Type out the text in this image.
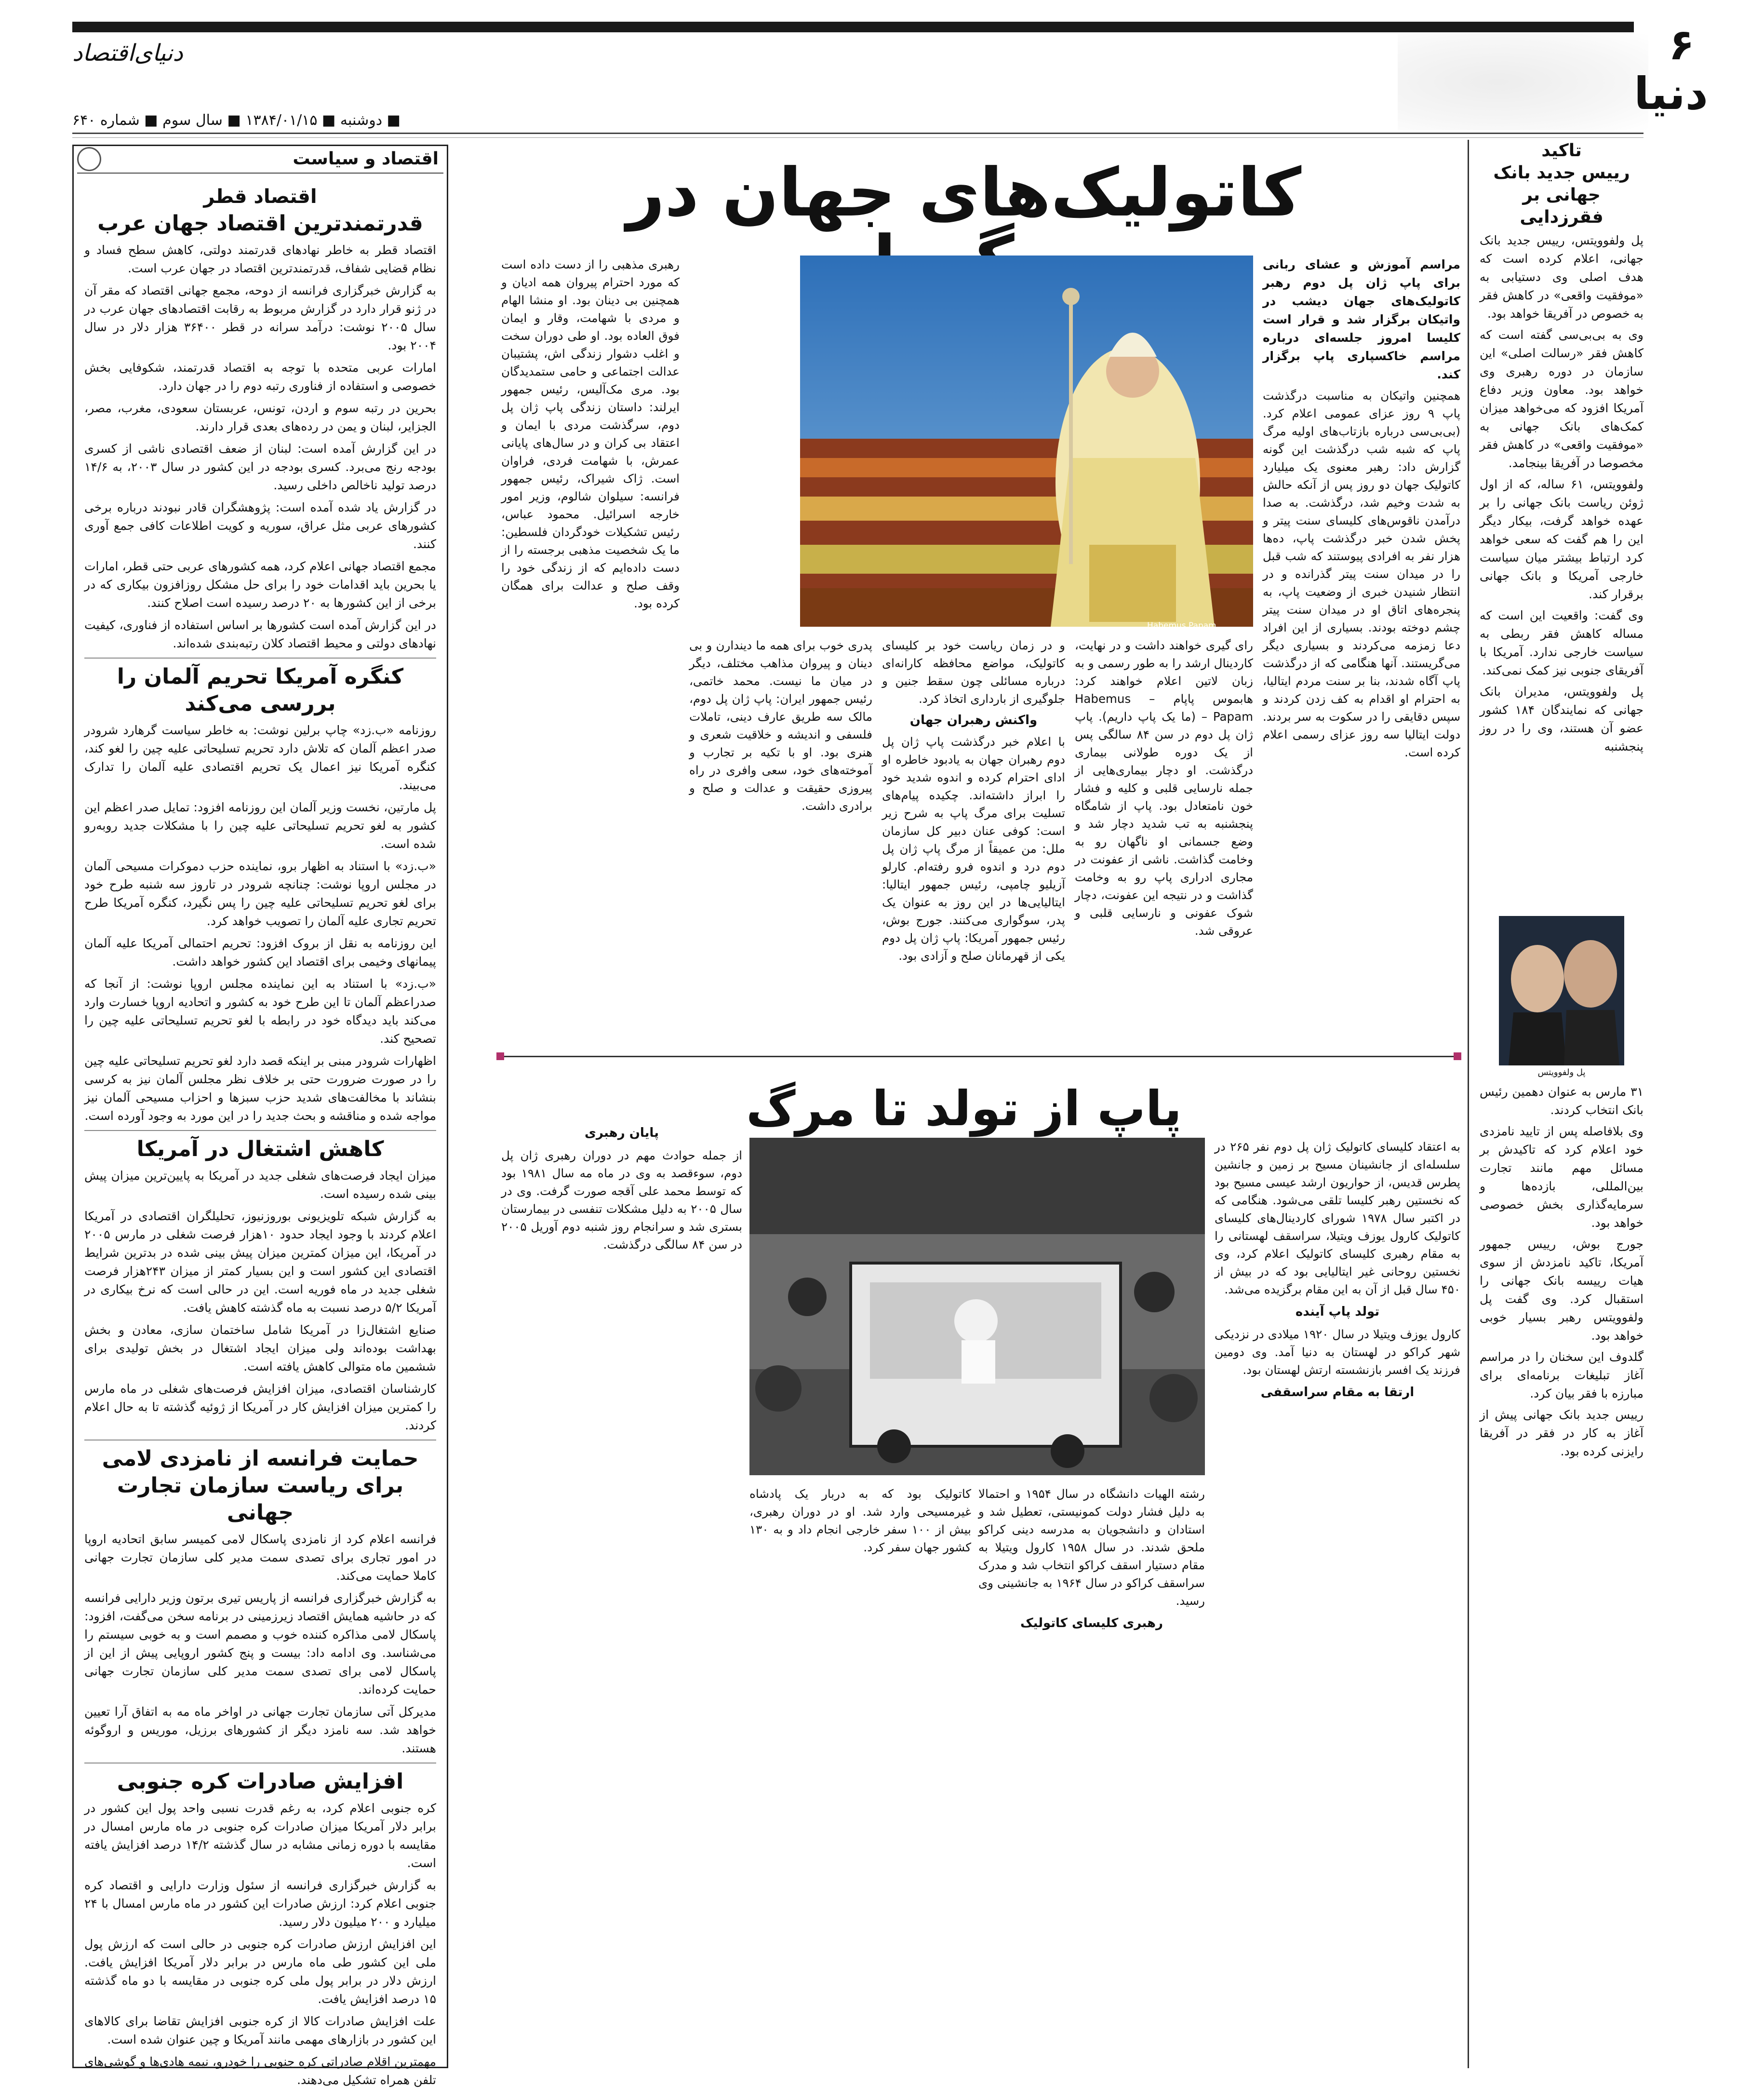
۶
دنیا
دنیای‌اقتصاد
■ دوشنبه ■ ۱۳۸۴/۰۱/۱۵ ■ سال سوم ■ شماره ۶۴۰
اقتصاد و سیاست
اقتصاد قطر
قدرتمند‌ترین اقتصاد جهان عرب

اقتصاد قطر به خاطر نهادهای قدرتمند دولتی، کاهش سطح فساد و نظام قضایی شفاف، قدرتمندترین اقتصاد در جهان عرب است.

به گزارش خبرگزاری فرانسه از دوحه، مجمع جهانی اقتصاد که مقر آن در ژنو قرار دارد در گزارش مربوط به رقابت اقتصادهای جهان عرب در سال ۲۰۰۵ نوشت: درآمد سرانه در قطر ۳۶۴۰۰ هزار دلار در سال ۲۰۰۴ بود.

امارات عربی متحده با توجه به اقتصاد قدرتمند، شکوفایی بخش خصوصی و استفاده از فناوری رتبه دوم را در جهان دارد.

بحرین در رتبه سوم و اردن، تونس، عربستان سعودی، مغرب، مصر، الجزایر، لبنان و یمن در رده‌های بعدی قرار دارند.

در این گزارش آمده است: لبنان از ضعف اقتصادی ناشی از کسری بودجه رنج می‌برد. کسری بودجه در این کشور در سال ۲۰۰۳، به ۱۴/۶ درصد تولید ناخالص داخلی رسید.

در گزارش یاد شده آمده است: پژوهشگران قادر نبودند درباره برخی کشورهای عربی مثل عراق، سوریه و کویت اطلاعات کافی جمع آوری کنند.

مجمع اقتصاد جهانی اعلام کرد، همه کشورهای عربی حتی قطر، امارات یا بحرین باید اقدامات خود را برای حل مشکل روزافزون بیکاری که در برخی از این کشورها به ۲۰ درصد رسیده است اصلاح کنند.

در این گزارش آمده است کشورها بر اساس استفاده از فناوری، کیفیت نهادهای دولتی و محیط اقتصاد کلان رتبه‌بندی شده‌اند.

کنگره آمریکا تحریم آلمان را بررسی می‌کند

روزنامه «ب.زد» چاپ برلین نوشت: به خاطر سیاست گرهارد شرودر صدر اعظم آلمان که تلاش دارد تحریم تسلیحاتی علیه چین را لغو کند، کنگره آمریکا نیز اعمال یک تحریم اقتصادی علیه آلمان را تدارک می‌بیند.

پل مارتین، نخست وزیر آلمان این روزنامه افزود: تمایل صدر اعظم این کشور به لغو تحریم تسلیحاتی علیه چین را با مشکلات جدید روبه‌رو شده است.

«ب.زد» با استناد به اظهار برو، نماینده حزب دموکرات مسیحی آلمان در مجلس اروپا نوشت: چنانچه شرودر در تاروز سه شنبه طرح خود برای لغو تحریم تسلیحاتی علیه چین را پس نگیرد، کنگره آمریکا طرح تحریم تجاری علیه آلمان را تصویب خواهد کرد.

این روزنامه به نقل از بروک افزود: تحریم احتمالی آمریکا علیه آلمان پیمانهای وخیمی برای اقتصاد این کشور خواهد داشت.

«ب.زد» با استناد به این نماینده مجلس اروپا نوشت: از آنجا که صدراعظم آلمان تا این طرح خود به کشور و اتحادیه اروپا خسارت وارد می‌کند باید دیدگاه خود در رابطه با لغو تحریم تسلیحاتی علیه چین را تصحیح کند.

اظهارات شرودر مبنی بر اینکه قصد دارد لغو تحریم تسلیحاتی علیه چین را در صورت ضرورت حتی بر خلاف نظر مجلس آلمان نیز به کرسی بنشاند با مخالفت‌های شدید حزب سبزها و احزاب مسیحی آلمان نیز مواجه شده و مناقشه و بحث جدید را در این مورد به وجود آورده است.

کاهش اشتغال در آمریکا

میزان ایجاد فرصت‌های شغلی جدید در آمریکا به پایین‌ترین میزان پیش بینی شده رسیده است.

به گزارش شبکه تلویزیونی بوروزنیوز، تحلیلگران اقتصادی در آمریکا اعلام کردند با وجود ایجاد حدود ۱۰هزار فرصت شغلی در مارس ۲۰۰۵ در آمریکا، این میزان کمترین میزان پیش بینی شده در بدترین شرایط اقتصادی این کشور است و این بسیار کمتر از میزان ۲۴۳هزار فرصت شغلی جدید در ماه فوریه است. این در حالی است که نرخ بیکاری در آمریکا ۵/۲ درصد نسبت به ماه گذشته کاهش یافت.

صنایع اشتغال‌زا در آمریکا شامل ساختمان سازی، معادن و بخش بهداشت بوده‌اند ولی میزان ایجاد اشتغال در بخش تولیدی برای ششمین ماه متوالی کاهش یافته است.

کارشناسان اقتصادی، میزان افزایش فرصت‌های شغلی در ماه مارس را کمترین میزان افزایش کار در آمریکا از ژوئیه گذشته تا به حال اعلام کردند.

حمایت فرانسه از نامزدی لامی برای ریاست سازمان تجارت جهانی

فرانسه اعلام کرد از نامزدی پاسکال لامی کمیسر سابق اتحادیه اروپا در امور تجاری برای تصدی سمت مدیر کلی سازمان تجارت جهانی کاملا حمایت می‌کند.

به گزارش خبرگزاری فرانسه از پاریس تیری برتون وزیر دارایی فرانسه که در حاشیه همایش اقتصاد زیرزمینی در برنامه سخن می‌گفت، افزود: پاسکال لامی مذاکره کننده خوب و مصمم است و به خوبی سیستم را می‌شناسد. وی ادامه داد: بیست و پنج کشور اروپایی پیش از این از پاسکال لامی برای تصدی سمت مدیر کلی سازمان تجارت جهانی حمایت کرده‌اند.

مدیرکل آتی سازمان تجارت جهانی در اواخر ماه مه به اتفاق آرا تعیین خواهد شد. سه نامزد دیگر از کشورهای برزیل، موریس و اروگوئه هستند.

افزایش صادرات کره جنوبی

کره جنوبی اعلام کرد، به رغم قدرت نسبی واحد پول این کشور در برابر دلار آمریکا میزان صادرات کره جنوبی در ماه مارس امسال در مقایسه با دوره زمانی مشابه در سال گذشته ۱۴/۲ درصد افزایش یافته است.

به گزارش خبرگزاری فرانسه از سئول وزارت دارایی و اقتصاد کره جنوبی اعلام کرد: ارزش صادرات این کشور در ماه مارس امسال با ۲۴ میلیارد و ۲۰۰ میلیون دلار رسید.

این افزایش ارزش صادرات کره جنوبی در حالی است که ارزش پول ملی این کشور طی ماه مارس در برابر دلار آمریکا افزایش یافت. ارزش دلار در برابر پول ملی کره جنوبی در مقایسه با دو ماه گذشته ۱۵ درصد افزایش یافت.

علت افزایش صادرات کالا از کره جنوبی افزایش تقاضا برای کالاهای این کشور در بازارهای مهمی مانند آمریکا و چین عنوان شده است.

مهمترین اقلام صادراتی کره جنوبی را خودرو، نیمه هادی‌ها و گوشی‌های تلفن همراه تشکیل می‌دهند.

کاتولیک‌های جهان در
مراسم آموزش و عشای ربانی برای پاپ ژان پل دوم رهبر کاتولیک‌های جهان دیشب در واتیکان برگزار شد و قرار است کلیسا امروز جلسه‌ای درباره مراسم خاکسپاری پاپ برگزار کند.
همچنین واتیکان به مناسبت درگذشت پاپ ۹ روز عزای عمومی اعلام کرد. (بی‌بی‌سی درباره بازتاب‌های اولیه مرگ پاپ که شبه شب درگذشت این گونه گزارش داد: رهبر معنوی یک میلیارد کاتولیک جهان دو روز پس از آنکه حالش به شدت وخیم شد، درگذشت. به صدا درآمدن ناقوس‌های کلیسای سنت پیتر و پخش شدن خبر درگذشت پاپ، ده‌ها هزار نفر به افرادی پیوستند که شب قبل را در میدان سنت پیتر گذرانده و در انتظار شنیدن خبری از وضعیت پاپ، به پنجره‌های اتاق او در میدان سنت پیتر چشم دوخته بودند. بسیاری از این افراد دعا زمزمه می‌کردند و بسیاری دیگر می‌گریستند. آنها هنگامی که از درگذشت پاپ آگاه شدند، بنا بر سنت مردم ایتالیا، به احترام او اقدام به کف زدن کردند و سپس دقایقی را در سکوت به سر بردند. دولت ایتالیا سه روز عزای رسمی اعلام کرده است.
رای گیری خواهند داشت و در نهایت، کاردینال ارشد را به طور رسمی و به زبان لاتین اعلام خواهند کرد: هابموس پاپام – Habemus Papam – (ما یک پاپ داریم). پاپ ژان پل دوم در سن ۸۴ سالگی پس از یک دوره طولانی بیماری درگذشت. او دچار بیماری‌هایی از جمله نارسایی قلبی و کلیه و فشار خون نامتعادل بود. پاپ از شامگاه پنجشنبه به تب شدید دچار شد و وضع جسمانی او ناگهان رو به وخامت گذاشت. ناشی از عفونت در مجاری ادراری پاپ رو به وخامت گذاشت و در نتیجه این عفونت، دچار شوک عفونی و نارسایی قلبی و عروقی شد.
و در زمان ریاست خود بر کلیسای کاتولیک، مواضع محافظه کارانه‌ای درباره مسائلی چون سقط جنین و جلوگیری از بارداری اتخاذ کرد.
واکنش رهبران جهان
با اعلام خبر درگذشت پاپ ژان پل دوم رهبران جهان به یادبود خاطره او ادای احترام کرده و اندوه شدید خود را ابراز داشته‌اند. چکیده پیام‌های تسلیت برای مرگ پاپ به شرح زیر است: کوفی عنان دبیر کل سازمان ملل: من عمیقاً از مرگ پاپ ژان پل دوم درد و اندوه فرو رفته‌ام. کارلو آزیلیو چامپی، رئیس جمهور ایتالیا: ایتالیایی‌ها در این روز به عنوان یک پدر، سوگواری می‌کنند. جورج بوش، رئیس جمهور آمریکا: پاپ ژان پل دوم یکی از قهرمانان صلح و آزادی بود.
پدری خوب برای همه ما دیندارن و بی دینان و پیروان مذاهب مختلف، دیگر در میان ما نیست. محمد خاتمی، رئیس جمهور ایران: پاپ ژان پل دوم، مالک سه طریق عارف دینی، تاملات فلسفی و اندیشه و خلاقیت شعری و هنری بود. او با تکیه بر تجارب و آموخته‌های خود، سعی وافری در راه پیروزی حقیقت و عدالت و صلح و برادری داشت.
رهبری مذهبی را از دست داده است که مورد احترام پیروان همه ادیان و همچنین بی دینان بود. او منشا الهام و مردی با شهامت، وقار و ایمان فوق العاده بود. او طی دوران سخت و اغلب دشوار زندگی اش، پشتیبان عدالت اجتماعی و حامی ستمدیدگان بود. مری مک‌آلیس، رئیس جمهور ایرلند: داستان زندگی پاپ ژان پل دوم، سرگذشت مردی با ایمان و اعتقاد بی کران و در سال‌های پایانی عمرش، با شهامت فردی، فراوان است. ژاک شیراک، رئیس جمهور فرانسه: سیلوان شالوم، وزیر امور خارجه اسرائیل. محمود عباس، رئیس تشکیلات خودگردان فلسطین: ما یک شخصیت مذهبی برجسته را از دست داده‌ایم که از زندگی خود را وقف صلح و عدالت برای همگان کرده بود.
Habemus Papam
پاپ از تولد تا مرگ
به اعتقاد کلیسای کاتولیک ژان پل دوم نفر ۲۶۵ در سلسله‌ای از جانشینان مسیح بر زمین و جانشین پطرس قدیس، از حواریون ارشد عیسی مسیح بود که نخستین رهبر کلیسا تلقی می‌شود. هنگامی که در اکتبر سال ۱۹۷۸ شورای کاردینال‌های کلیسای کاتولیک کارول یوزف ویتیلا، سراسقف لهستانی را به مقام رهبری کلیسای کاتولیک اعلام کرد، وی نخستین روحانی غیر ایتالیایی بود که در بیش از ۴۵۰ سال قبل از آن به این مقام برگزیده می‌شد.
تولد پاپ آینده
کارول یوزف ویتیلا در سال ۱۹۲۰ میلادی در نزدیکی شهر کراکو در لهستان به دنیا آمد. وی دومین فرزند یک افسر بازنشسته ارتش لهستان بود.
ارتقا به مقام سراسقفی
رشته الهیات دانشگاه در سال ۱۹۵۴ و احتمالا به دلیل فشار دولت کمونیستی، تعطیل شد و استادان و دانشجویان به مدرسه دینی کراکو ملحق شدند. در سال ۱۹۵۸ کارول ویتیلا به مقام دستیار اسقف کراکو انتخاب شد و مدرک سراسقف کراکو در سال ۱۹۶۴ به جانشینی وی رسید.
رهبری کلیسای کاتولیک
کاتولیک بود که به دربار یک پادشاه غیرمسیحی وارد شد. او در دوران رهبری، بیش از ۱۰۰ سفر خارجی انجام داد و به ۱۳۰ کشور جهان سفر کرد.
پایان رهبری
از جمله حوادث مهم در دوران رهبری ژان پل دوم، سوءقصد به وی در ماه مه سال ۱۹۸۱ بود که توسط محمد علی آقجه صورت گرفت. وی در سال ۲۰۰۵ به دلیل مشکلات تنفسی در بیمارستان بستری شد و سرانجام روز شنبه دوم آوریل ۲۰۰۵ در سن ۸۴ سالگی درگذشت.
تاکید
رییس جدید بانک جهانی بر فقرزدایی

پل ولفوویتس، رییس جدید بانک جهانی، اعلام کرده است که هدف اصلی وی دستیابی به «موفقیت واقعی» در کاهش فقر به خصوص در آفریقا خواهد بود.

وی به بی‌بی‌سی گفته است که کاهش فقر «رسالت اصلی» این سازمان در دوره رهبری وی خواهد بود. معاون وزیر دفاع آمریکا افزود که می‌خواهد میزان کمک‌های بانک جهانی به «موفقیت واقعی» در کاهش فقر مخصوصا در آفریقا بینجامد.

ولفوویتس، ۶۱ ساله، که از اول ژوئن ریاست بانک جهانی را بر عهده خواهد گرفت، بیکار دیگر این را هم گفت که سعی خواهد کرد ارتباط بیشتر میان سیاست خارجی آمریکا و بانک جهانی برقرار کند.

وی گفت: واقعیت این است که مساله کاهش فقر ربطی به سیاست خارجی ندارد. آمریکا با آفریقای جنوبی نیز کمک نمی‌کند.

پل ولفوویتس، مدیران بانک جهانی که نمایندگان ۱۸۴ کشور عضو آن هستند، وی را در روز پنجشنبه

پل ولفوویتس

۳۱ مارس به عنوان دهمین رئیس بانک انتخاب کردند.

وی بلافاصله پس از تایید نامزدی خود اعلام کرد که تاکیدش بر مسائل مهم مانند تجارت بین‌المللی، بازده‌ها و سرمایه‌گذاری بخش خصوصی خواهد بود.

جورج بوش، رییس جمهور آمریکا، تاکید نامزدش از سوی هیات رییسه بانک جهانی را استقبال کرد. وی گفت پل ولفوویتس رهبر بسیار خوبی خواهد بود.

گلدوف این سخنان را در مراسم آغاز تبلیغات برنامه‌ای برای مبارزه با فقر بیان کرد.

رییس جدید بانک جهانی پیش از آغاز به کار در فقر در آفریقا رایزنی کرده بود.
